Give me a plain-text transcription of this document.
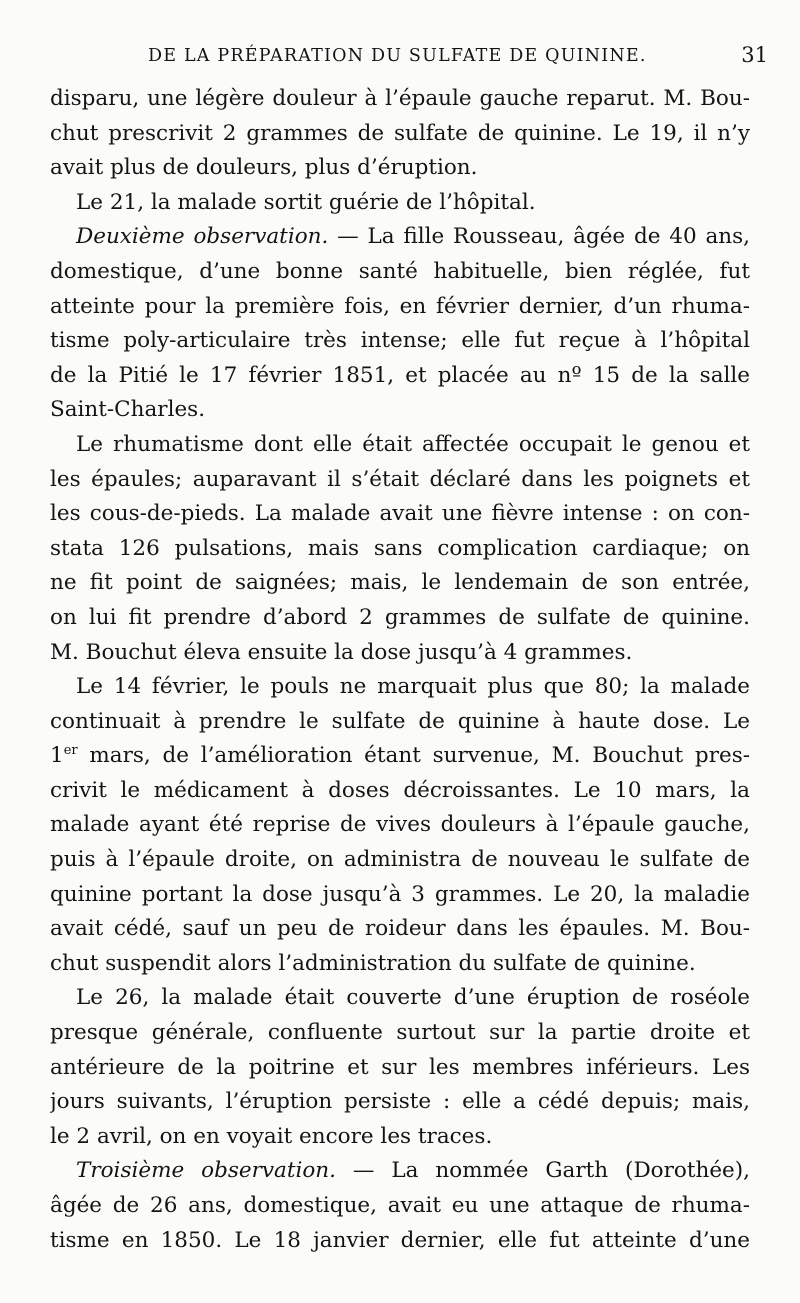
DE LA PRÉPARATION DU SULFATE DE QUININE.	31
disparu, une légère douleur à l’épaule gauche reparut. M. Bou-
chut prescrivit 2 grammes de sulfate de quinine. Le 19, il n’y
avait plus de douleurs, plus d’éruption.
Le 21, la malade sortit guérie de l’hôpital.
Deuxième observation. — La fille Rousseau, âgée de 40 ans,
domestique, d’une bonne santé habituelle, bien réglée, fut
atteinte pour la première fois, en février dernier, d’un rhuma-
tisme poly-articulaire très intense; elle fut reçue à l’hôpital
de la Pitié le 17 février 1851, et placée au nº 15 de la salle
Saint-Charles.
Le rhumatisme dont elle était affectée occupait le genou et
les épaules; auparavant il s’était déclaré dans les poignets et
les cous-de-pieds. La malade avait une fièvre intense : on con-
stata 126 pulsations, mais sans complication cardiaque; on
ne fit point de saignées; mais, le lendemain de son entrée,
on lui fit prendre d’abord 2 grammes de sulfate de quinine.
M. Bouchut éleva ensuite la dose jusqu’à 4 grammes.
Le 14 février, le pouls ne marquait plus que 80; la malade
continuait à prendre le sulfate de quinine à haute dose. Le
1er mars, de l’amélioration étant survenue, M. Bouchut pres-
crivit le médicament à doses décroissantes. Le 10 mars, la
malade ayant été reprise de vives douleurs à l’épaule gauche,
puis à l’épaule droite, on administra de nouveau le sulfate de
quinine portant la dose jusqu’à 3 grammes. Le 20, la maladie
avait cédé, sauf un peu de roideur dans les épaules. M. Bou-
chut suspendit alors l’administration du sulfate de quinine.
Le 26, la malade était couverte d’une éruption de roséole
presque générale, confluente surtout sur la partie droite et
antérieure de la poitrine et sur les membres inférieurs. Les
jours suivants, l’éruption persiste : elle a cédé depuis; mais,
le 2 avril, on en voyait encore les traces.
Troisième observation. — La nommée Garth (Dorothée),
âgée de 26 ans, domestique, avait eu une attaque de rhuma-
tisme en 1850. Le 18 janvier dernier, elle fut atteinte d’une
